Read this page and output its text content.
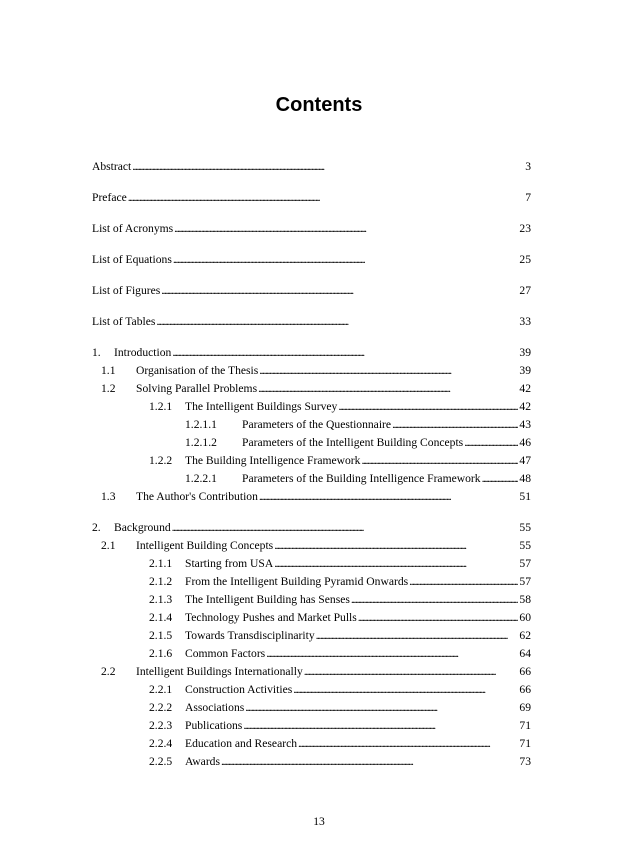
Contents
Abstract . . .	3
Preface . . .	7
List of Acronyms . . .	23
List of Equations . . .	25
List of Figures . . .	27
List of Tables . . .	33
1.	Introduction . . .	39
1.1	Organisation of the Thesis . . .	39
1.2	Solving Parallel Problems . . .	42
1.2.1	The Intelligent Buildings Survey . . .	42
1.2.1.1	Parameters of the Questionnaire . . .	43
1.2.1.2	Parameters of the Intelligent Building Concepts . . .	46
1.2.2	The Building Intelligence Framework . . .	47
1.2.2.1	Parameters of the Building Intelligence Framework . . .	48
1.3	The Author's Contribution . . .	51
2.	Background . . .	55
2.1	Intelligent Building Concepts . . .	55
2.1.1	Starting from USA . . .	57
2.1.2	From the Intelligent Building Pyramid Onwards . . .	57
2.1.3	The Intelligent Building has Senses . . .	58
2.1.4	Technology Pushes and Market Pulls . . .	60
2.1.5	Towards Transdisciplinarity . . .	62
2.1.6	Common Factors . . .	64
2.2	Intelligent Buildings Internationally . . .	66
2.2.1	Construction Activities . . .	66
2.2.2	Associations . . .	69
2.2.3	Publications . . .	71
2.2.4	Education and Research . . .	71
2.2.5	Awards . . .	73
13
